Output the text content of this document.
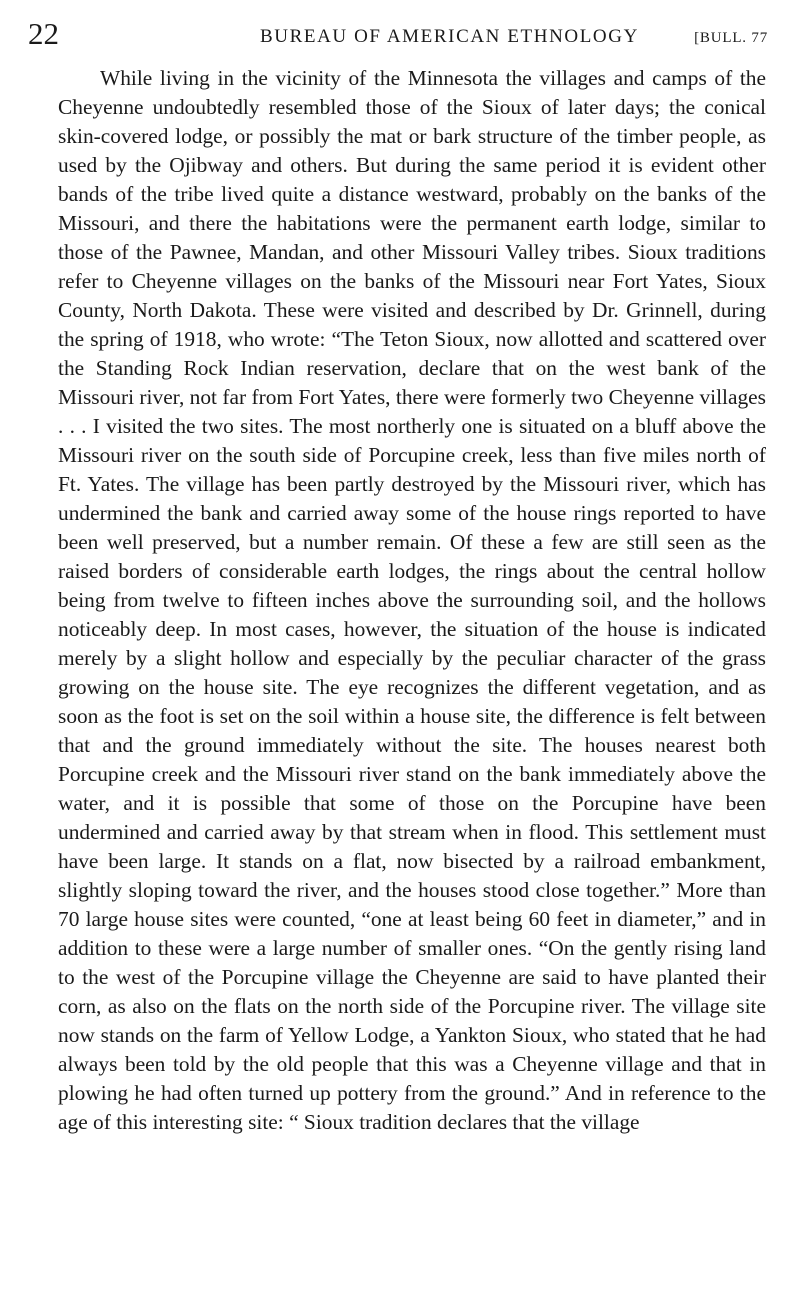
22	BUREAU OF AMERICAN ETHNOLOGY	[BULL. 77

While living in the vicinity of the Minnesota the villages and camps of the Cheyenne undoubtedly resembled those of the Sioux of later days; the conical skin-covered lodge, or possibly the mat or bark structure of the timber people, as used by the Ojibway and others. But during the same period it is evident other bands of the tribe lived quite a distance westward, probably on the banks of the Missouri, and there the habitations were the permanent earth lodge, similar to those of the Pawnee, Mandan, and other Missouri Valley tribes. Sioux traditions refer to Cheyenne villages on the banks of the Missouri near Fort Yates, Sioux County, North Dakota. These were visited and described by Dr. Grinnell, during the spring of 1918, who wrote: “The Teton Sioux, now allotted and scattered over the Standing Rock Indian reservation, declare that on the west bank of the Missouri river, not far from Fort Yates, there were formerly two Cheyenne villages . . . I visited the two sites. The most northerly one is situated on a bluff above the Missouri river on the south side of Porcupine creek, less than five miles north of Ft. Yates. The village has been partly destroyed by the Missouri river, which has undermined the bank and carried away some of the house rings reported to have been well preserved, but a number remain. Of these a few are still seen as the raised borders of considerable earth lodges, the rings about the central hollow being from twelve to fifteen inches above the surrounding soil, and the hollows noticeably deep. In most cases, however, the situation of the house is indicated merely by a slight hollow and especially by the peculiar character of the grass growing on the house site. The eye recognizes the different vegetation, and as soon as the foot is set on the soil within a house site, the difference is felt between that and the ground immediately without the site. The houses nearest both Porcupine creek and the Missouri river stand on the bank immediately above the water, and it is possible that some of those on the Porcupine have been undermined and carried away by that stream when in flood. This settlement must have been large. It stands on a flat, now bisected by a railroad embankment, slightly sloping toward the river, and the houses stood close together.” More than 70 large house sites were counted, “one at least being 60 feet in diameter,” and in addition to these were a large number of smaller ones. “On the gently rising land to the west of the Porcupine village the Cheyenne are said to have planted their corn, as also on the flats on the north side of the Porcupine river. The village site now stands on the farm of Yellow Lodge, a Yankton Sioux, who stated that he had always been told by the old people that this was a Cheyenne village and that in plowing he had often turned up pottery from the ground.” And in reference to the age of this interesting site: “ Sioux tradition declares that the village
